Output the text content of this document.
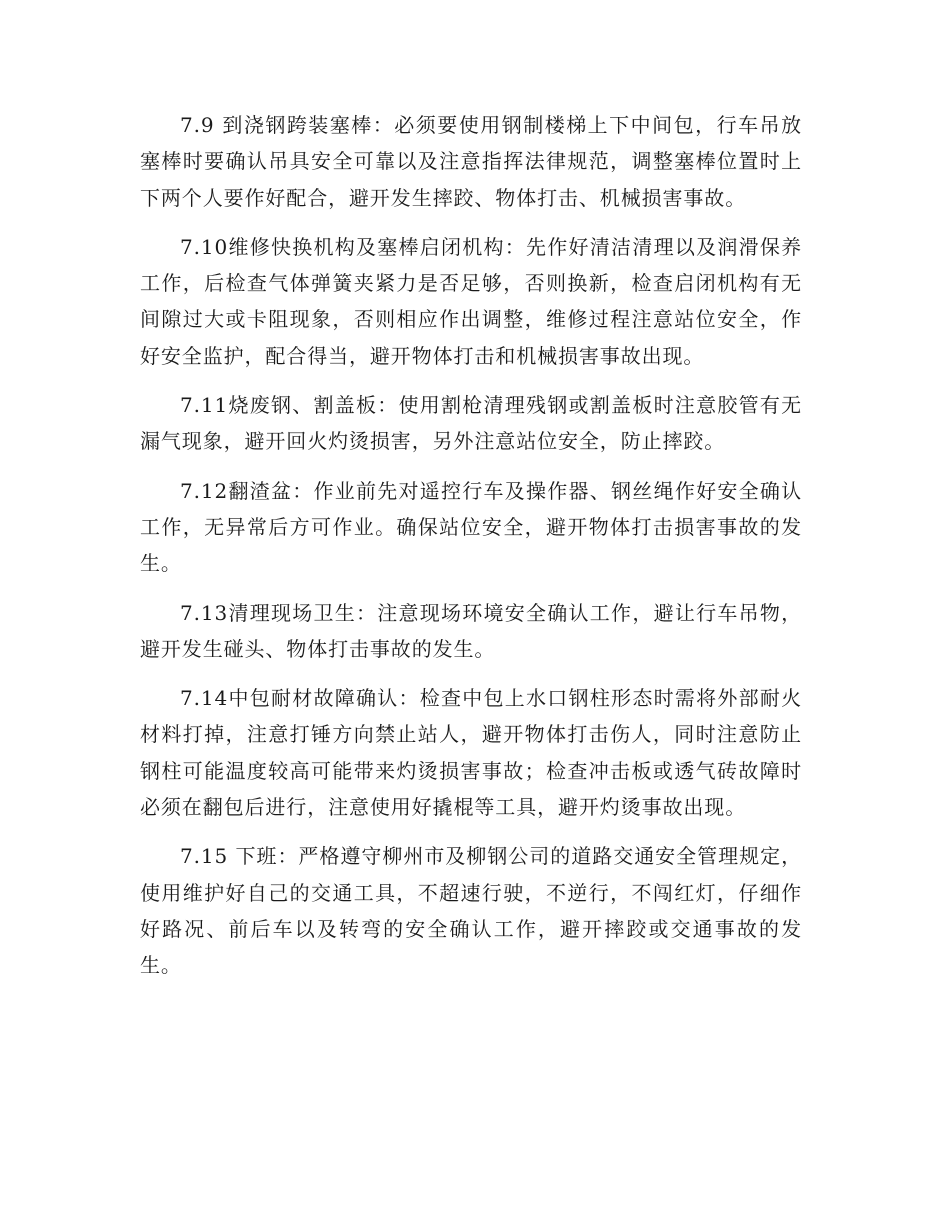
7.9 到浇钢跨装塞棒：必须要使用钢制楼梯上下中间包，行车吊放塞棒时要确认吊具安全可靠以及注意指挥法律规范，调整塞棒位置时上下两个人要作好配合，避开发生摔跤、物体打击、机械损害事故。

7.10维修快换机构及塞棒启闭机构：先作好清洁清理以及润滑保养工作，后检查气体弹簧夹紧力是否足够，否则换新，检查启闭机构有无间隙过大或卡阻现象，否则相应作出调整，维修过程注意站位安全，作好安全监护，配合得当，避开物体打击和机械损害事故出现。

7.11烧废钢、割盖板：使用割枪清理残钢或割盖板时注意胶管有无漏气现象，避开回火灼烫损害，另外注意站位安全，防止摔跤。

7.12翻渣盆：作业前先对遥控行车及操作器、钢丝绳作好安全确认工作，无异常后方可作业。确保站位安全，避开物体打击损害事故的发生。

7.13清理现场卫生：注意现场环境安全确认工作，避让行车吊物，避开发生碰头、物体打击事故的发生。

7.14中包耐材故障确认：检查中包上水口钢柱形态时需将外部耐火材料打掉，注意打锤方向禁止站人，避开物体打击伤人，同时注意防止钢柱可能温度较高可能带来灼烫损害事故；检查冲击板或透气砖故障时必须在翻包后进行，注意使用好撬棍等工具，避开灼烫事故出现。

7.15 下班：严格遵守柳州市及柳钢公司的道路交通安全管理规定，使用维护好自己的交通工具，不超速行驶，不逆行，不闯红灯，仔细作好路况、前后车以及转弯的安全确认工作，避开摔跤或交通事故的发生。
